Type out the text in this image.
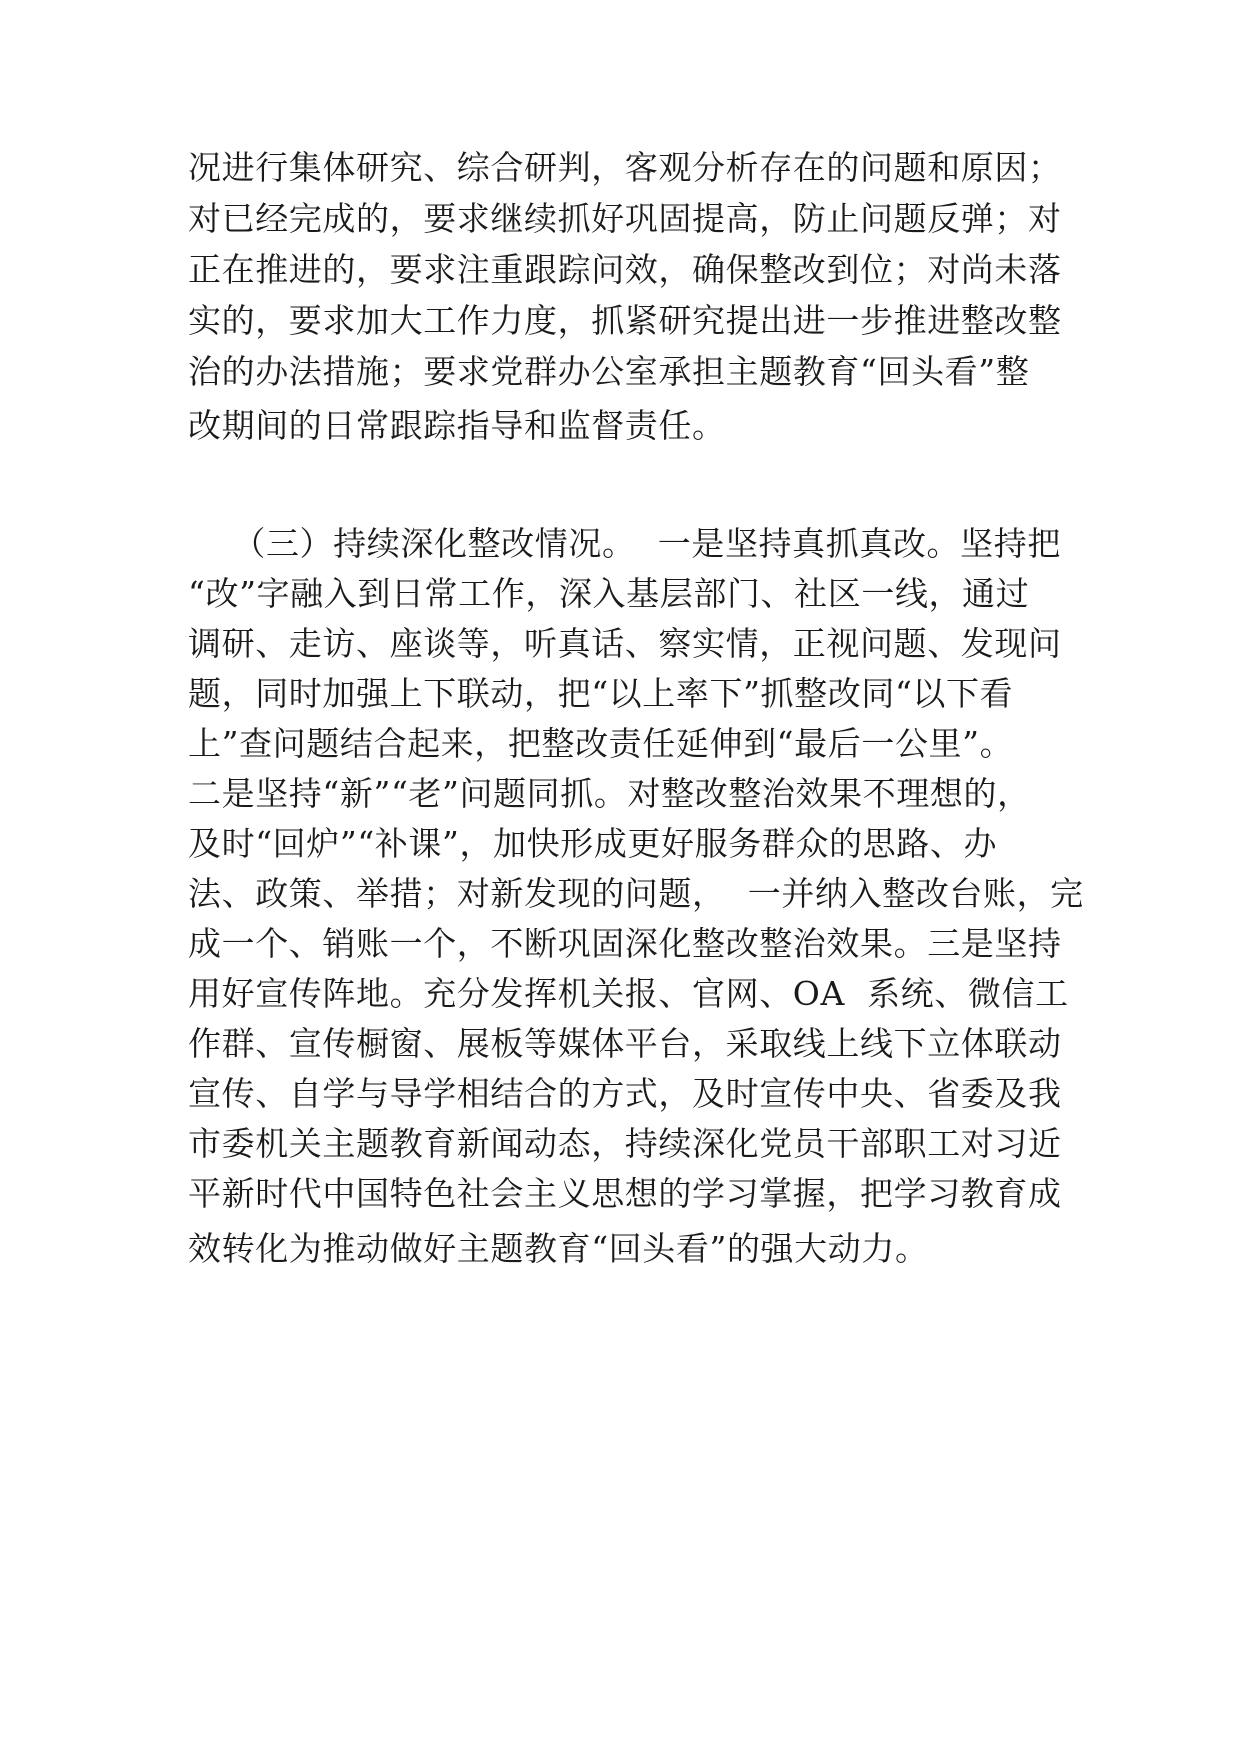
况进行集体研究、综合研判，客观分析存在的问题和原因；
对已经完成的，要求继续抓好巩固提高，防止问题反弹；对
正在推进的，要求注重跟踪问效，确保整改到位；对尚未落
实的，要求加大工作力度，抓紧研究提出进一步推进整改整
治的办法措施；要求党群办公室承担主题教育“回头看”整
改期间的日常跟踪指导和监督责任。
（三）持续深化整改情况。  一是坚持真抓真改。坚持把
“改”字融入到日常工作，深入基层部门、社区一线，通过
调研、走访、座谈等，听真话、察实情，正视问题、发现问
题，同时加强上下联动，把“以上率下”抓整改同“以下看
上”查问题结合起来，把整改责任延伸到“最后一公里”。
二是坚持“新”“老”问题同抓。对整改整治效果不理想的，
及时“回炉”“补课”，加快形成更好服务群众的思路、办
法、政策、举措；对新发现的问题，  一并纳入整改台账，完
成一个、销账一个，不断巩固深化整改整治效果。三是坚持
用好宣传阵地。充分发挥机关报、官网、OA  系统、微信工
作群、宣传橱窗、展板等媒体平台，采取线上线下立体联动
宣传、自学与导学相结合的方式，及时宣传中央、省委及我
市委机关主题教育新闻动态，持续深化党员干部职工对习近
平新时代中国特色社会主义思想的学习掌握，把学习教育成
效转化为推动做好主题教育“回头看”的强大动力。
